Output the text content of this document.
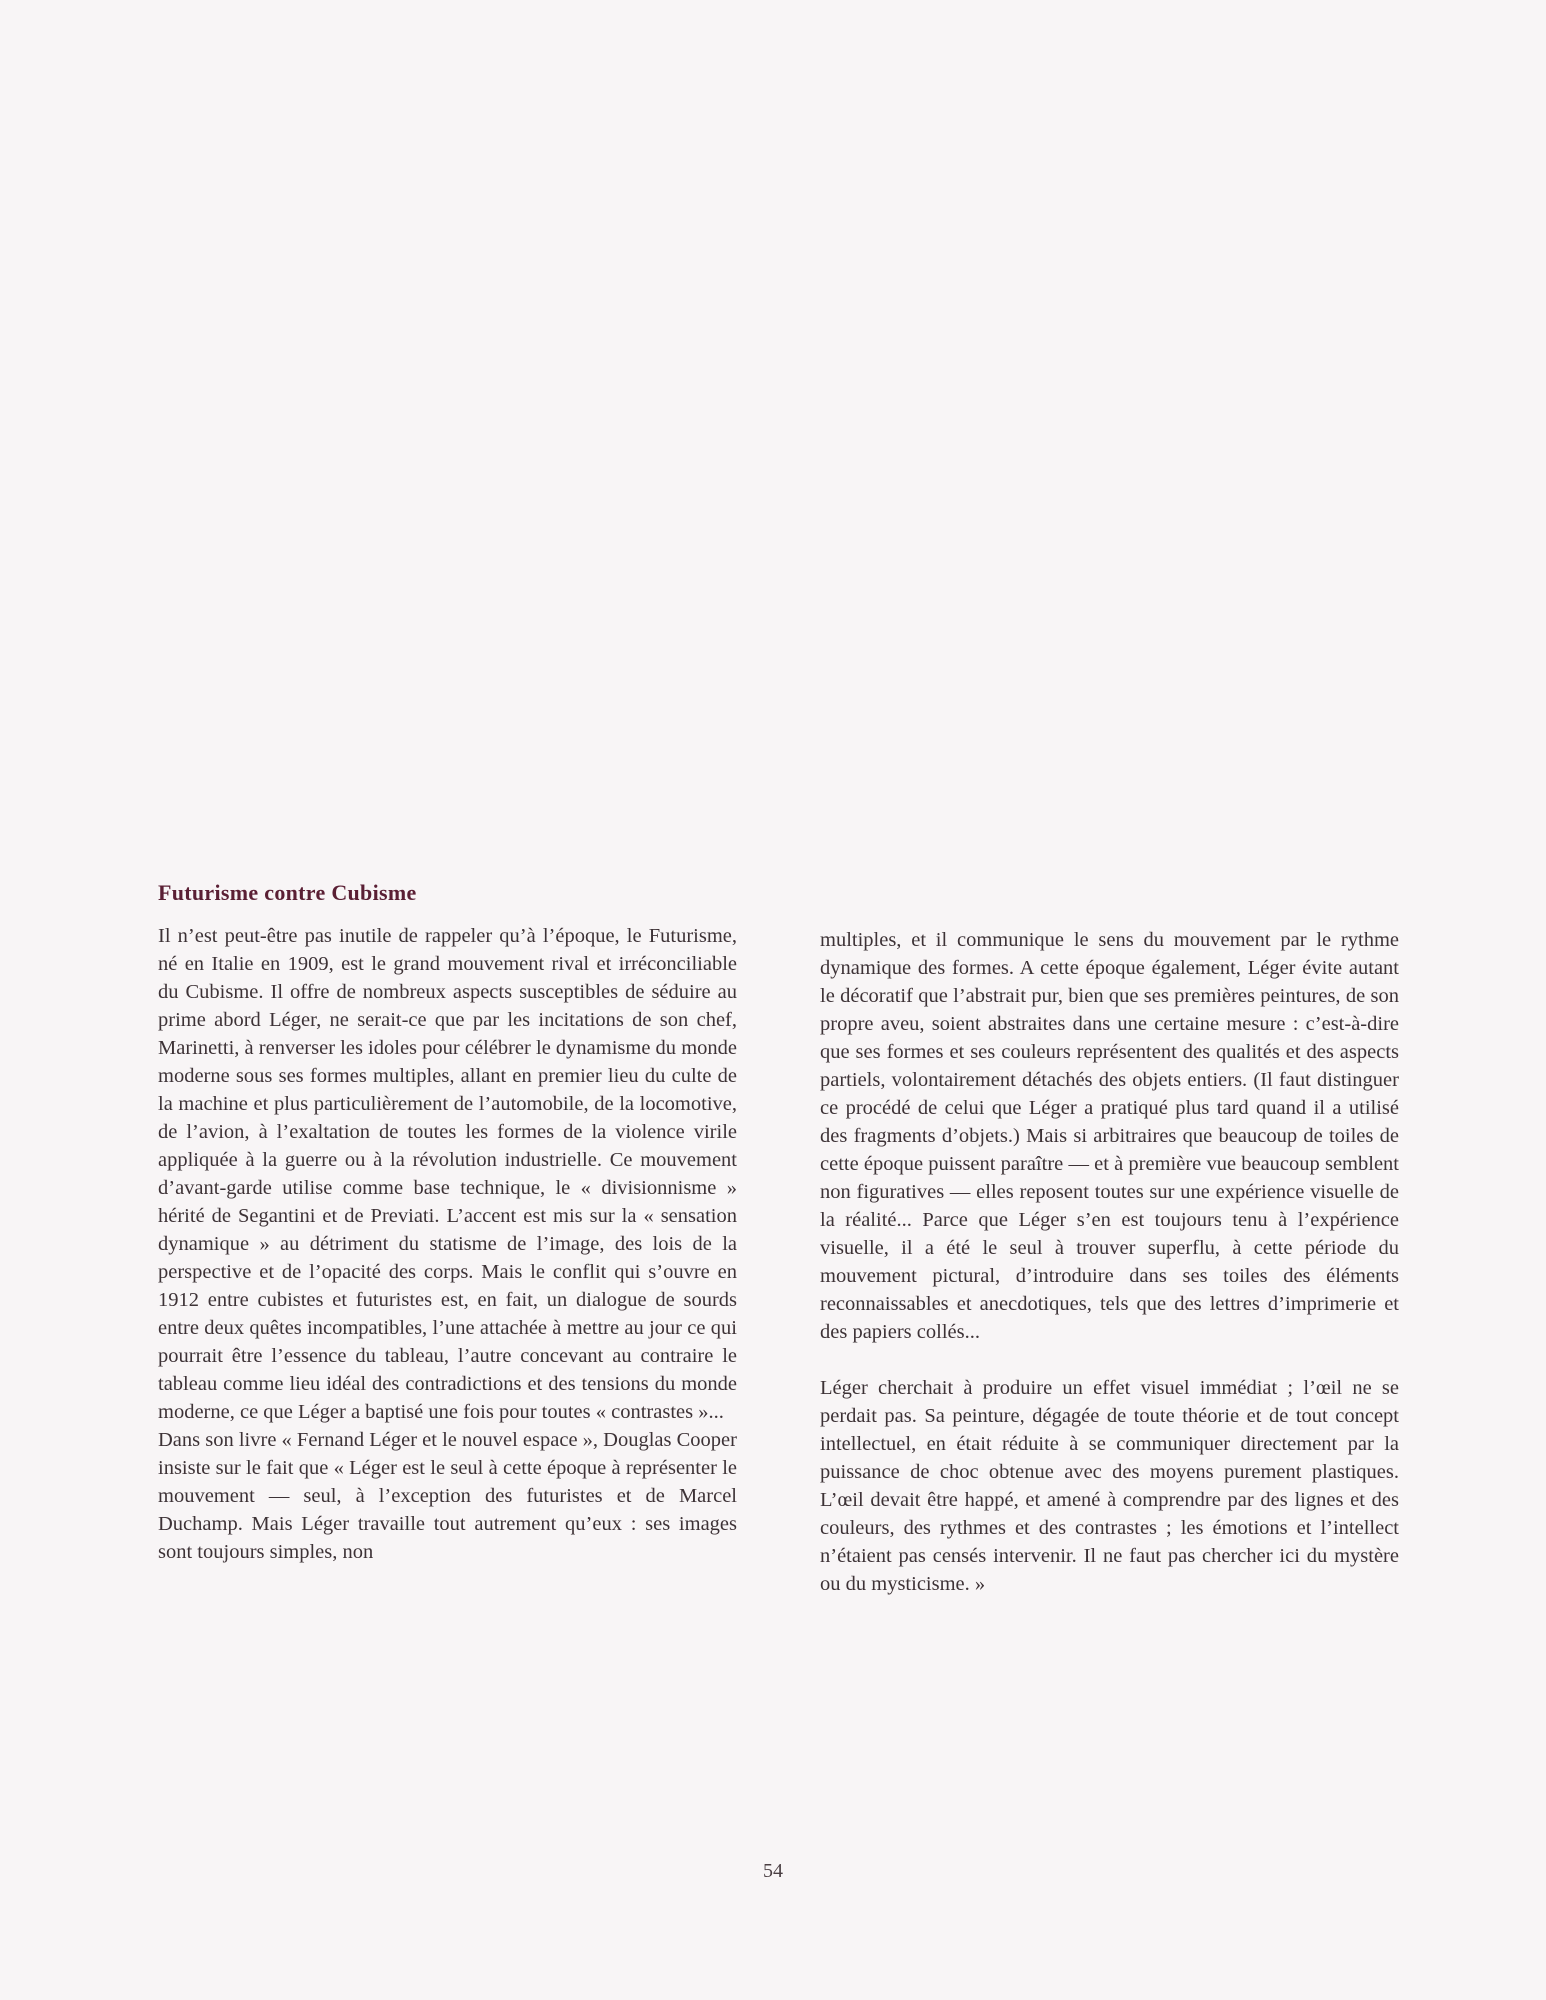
Futurisme contre Cubisme

Il n’est peut-être pas inutile de rappeler qu’à l’époque, le Futurisme, né en Italie en 1909, est le grand mouvement rival et irréconciliable du Cubisme. Il offre de nombreux aspects susceptibles de séduire au prime abord Léger, ne serait-ce que par les incitations de son chef, Marinetti, à renverser les idoles pour célébrer le dynamisme du monde moderne sous ses formes multiples, allant en premier lieu du culte de la machine et plus particulièrement de l’automobile, de la locomotive, de l’avion, à l’exaltation de toutes les formes de la violence virile appliquée à la guerre ou à la révolution industrielle. Ce mouvement d’avant-garde utilise comme base technique, le « divisionnisme » hérité de Segantini et de Previati. L’accent est mis sur la « sensation dynamique » au détriment du statisme de l’image, des lois de la perspective et de l’opacité des corps. Mais le conflit qui s’ouvre en 1912 entre cubistes et futuristes est, en fait, un dialogue de sourds entre deux quêtes incompatibles, l’une attachée à mettre au jour ce qui pourrait être l’essence du tableau, l’autre concevant au contraire le tableau comme lieu idéal des contradictions et des tensions du monde moderne, ce que Léger a baptisé une fois pour toutes « contrastes »...

Dans son livre « Fernand Léger et le nouvel espace », Douglas Cooper insiste sur le fait que « Léger est le seul à cette époque à représenter le mouvement — seul, à l’exception des futuristes et de Marcel Duchamp. Mais Léger travaille tout autrement qu’eux : ses images sont toujours simples, non

multiples, et il communique le sens du mouvement par le rythme dynamique des formes. A cette époque également, Léger évite autant le décoratif que l’abstrait pur, bien que ses premières peintures, de son propre aveu, soient abstraites dans une certaine mesure : c’est-à-dire que ses formes et ses couleurs représentent des qualités et des aspects partiels, volontairement détachés des objets entiers. (Il faut distinguer ce procédé de celui que Léger a pratiqué plus tard quand il a utilisé des fragments d’objets.) Mais si arbitraires que beaucoup de toiles de cette époque puissent paraître — et à première vue beaucoup semblent non figuratives — elles reposent toutes sur une expérience visuelle de la réalité... Parce que Léger s’en est toujours tenu à l’expérience visuelle, il a été le seul à trouver superflu, à cette période du mouvement pictural, d’introduire dans ses toiles des éléments reconnaissables et anecdotiques, tels que des lettres d’imprimerie et des papiers collés...

Léger cherchait à produire un effet visuel immédiat ; l’œil ne se perdait pas. Sa peinture, dégagée de toute théorie et de tout concept intellectuel, en était réduite à se communiquer directement par la puissance de choc obtenue avec des moyens purement plastiques. L’œil devait être happé, et amené à comprendre par des lignes et des couleurs, des rythmes et des contrastes ; les émotions et l’intellect n’étaient pas censés intervenir. Il ne faut pas chercher ici du mystère ou du mysticisme. »

54
